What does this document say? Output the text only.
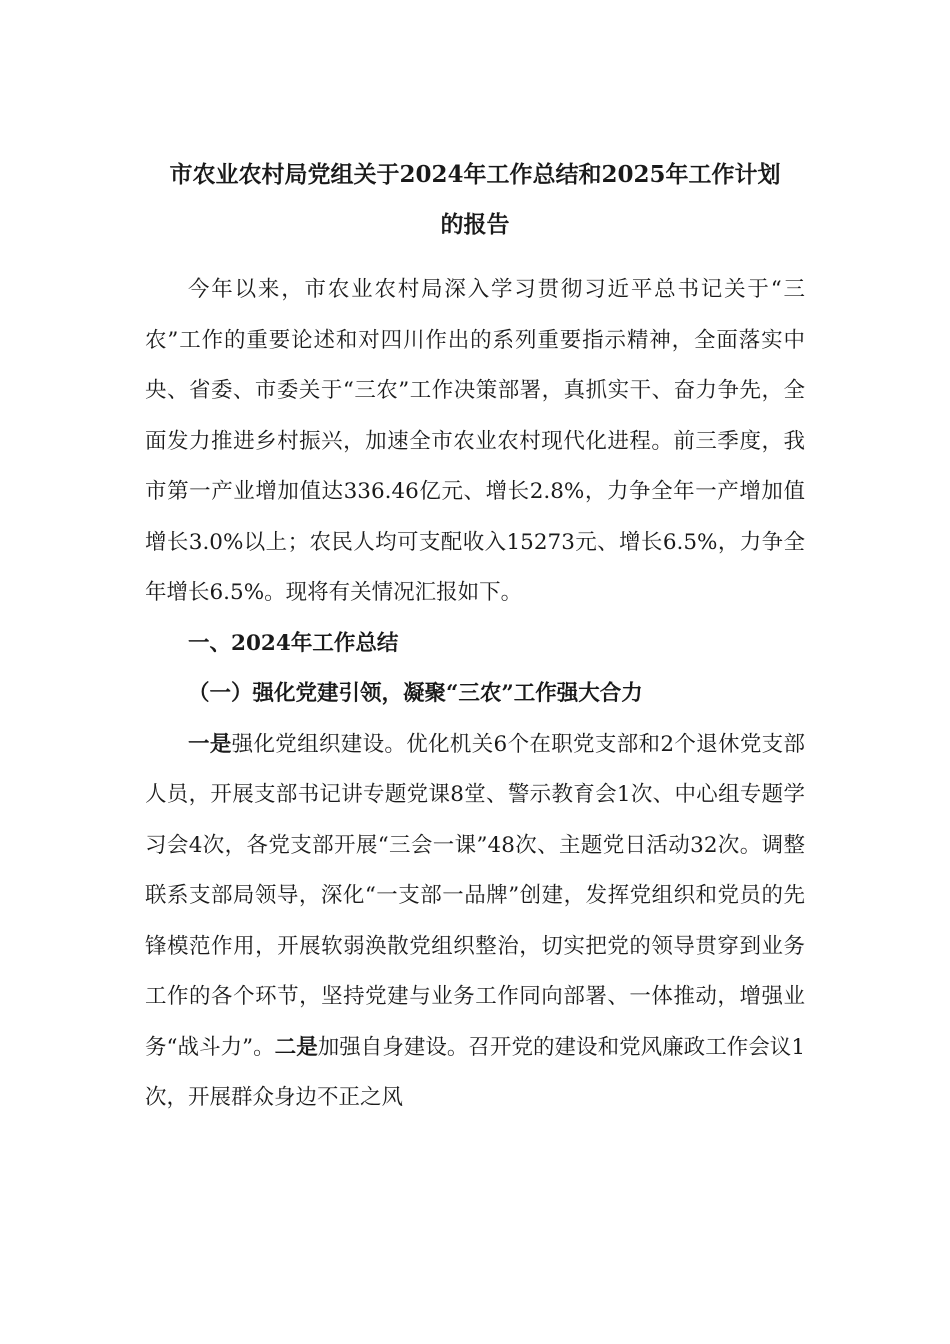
市农业农村局党组关于2024年工作总结和2025年工作计划
的报告

今年以来，市农业农村局深入学习贯彻习近平总书记关于“三农”工作的重要论述和对四川作出的系列重要指示精神，全面落实中央、省委、市委关于“三农”工作决策部署，真抓实干、奋力争先，全面发力推进乡村振兴，加速全市农业农村现代化进程。前三季度，我市第一产业增加值达336.46亿元、增长2.8%，力争全年一产增加值增长3.0%以上；农民人均可支配收入15273元、增长6.5%，力争全年增长6.5%。现将有关情况汇报如下。

一、2024年工作总结

（一）强化党建引领，凝聚“三农”工作强大合力

一是强化党组织建设。优化机关6个在职党支部和2个退休党支部人员，开展支部书记讲专题党课8堂、警示教育会1次、中心组专题学习会4次，各党支部开展“三会一课”48次、主题党日活动32次。调整联系支部局领导，深化“一支部一品牌”创建，发挥党组织和党员的先锋模范作用，开展软弱涣散党组织整治，切实把党的领导贯穿到业务工作的各个环节，坚持党建与业务工作同向部署、一体推动，增强业务“战斗力”。二是加强自身建设。召开党的建设和党风廉政工作会议1次，开展群众身边不正之风
